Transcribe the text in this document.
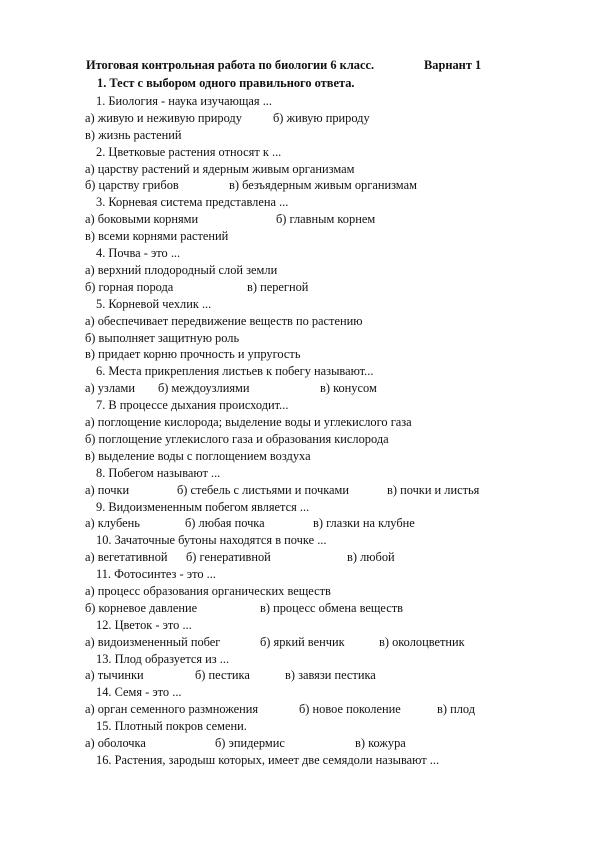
Итоговая контрольная работа по биологии 6 класс.	Варнант 1
1. Тест с выбором одного правильного ответа.
1. Биология - наука изучающая ...
а) живую и неживую природу	б) живую природу
в) жизнь растений
2. Цветковые растения относят к ...
а) царству растений и ядерным живым организмам
б) царству грибов	в) безъядерным живым организмам
3. Корневая система представлена ...
а) боковыми корнями	б) главным корнем
в) всеми корнями растений
4. Почва - это ...
а) верхний плодородный слой земли
б) горная порода	в) перегной
5. Корневой чехлик ...
а) обеспечивает передвижение веществ по растению
б) выполняет защитную роль
в) придает корню прочность и упругость
6. Места прикрепления листьев к побегу называют...
а) узлами б) междоузлиями	в) конусом
7. В процессе дыхания происходит...
а) поглощение кислорода; выделение воды и углекислого газа
б) поглощение углекислого газа и образования кислорода
в) выделение воды с поглощением воздуха
8. Побегом называют ...
а) почки	б) стебель с листьями и почками	в) почки и листья
9. Видоизмененным побегом является ...
а) клубень	б) любая почка	в) глазки на клубне
10. Зачаточные бутоны находятся в почке ...
а) вегетативной б) генеративной	в) любой
11. Фотосинтез - это ...
а) процесс образования органических веществ
б) корневое давление	в) процесс обмена веществ
12. Цветок - это ...
а) видоизмененный побег	б) яркий венчик	в) околоцветник
13. Плод образуется из ...
а) тычинки	б) пестика	в) завязи пестика
14. Семя - это ...
а) орган семенного размножения	б) новое поколение	в) плод
15. Плотный покров семени.
а) оболочка	б) эпидермис	в) кожура
16. Растения, зародыш которых, имеет две семядоли называют ...
